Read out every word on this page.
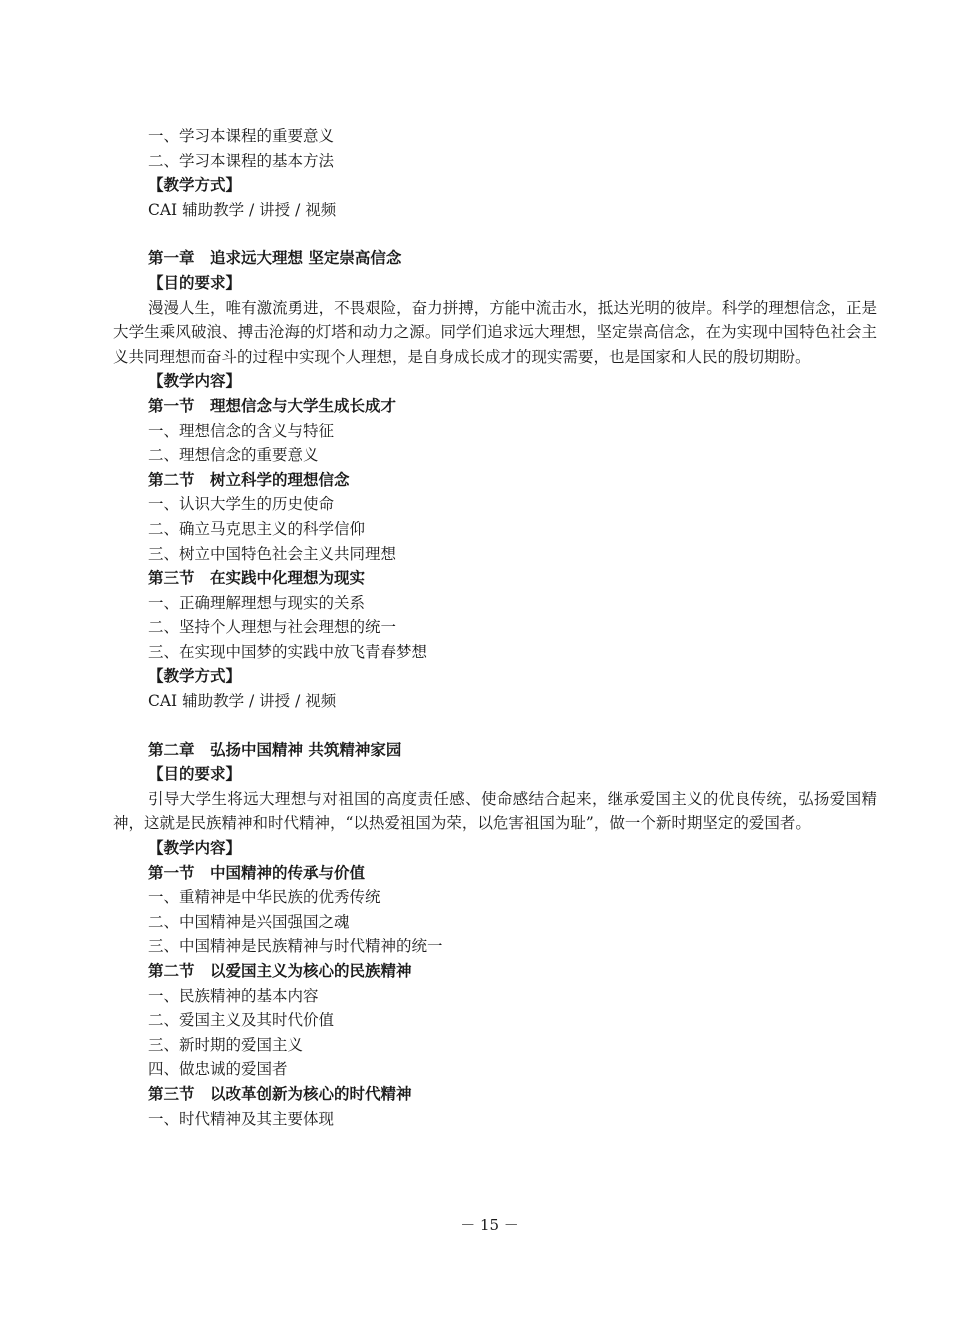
一、学习本课程的重要意义
二、学习本课程的基本方法
【教学方式】
CAI 辅助教学 / 讲授 / 视频
第一章　追求远大理想 坚定崇高信念
【目的要求】
漫漫人生，唯有激流勇进，不畏艰险，奋力拼搏，方能中流击水，抵达光明的彼岸。科学的理想信念，正是大学生乘风破浪、搏击沧海的灯塔和动力之源。同学们追求远大理想，坚定崇高信念，在为实现中国特色社会主义共同理想而奋斗的过程中实现个人理想，是自身成长成才的现实需要，也是国家和人民的殷切期盼。
【教学内容】
第一节　理想信念与大学生成长成才
一、理想信念的含义与特征
二、理想信念的重要意义
第二节　树立科学的理想信念
一、认识大学生的历史使命
二、确立马克思主义的科学信仰
三、树立中国特色社会主义共同理想
第三节　在实践中化理想为现实
一、正确理解理想与现实的关系
二、坚持个人理想与社会理想的统一
三、在实现中国梦的实践中放飞青春梦想
【教学方式】
CAI 辅助教学 / 讲授 / 视频
第二章　弘扬中国精神 共筑精神家园
【目的要求】
引导大学生将远大理想与对祖国的高度责任感、使命感结合起来，继承爱国主义的优良传统，弘扬爱国精神，这就是民族精神和时代精神，“以热爱祖国为荣，以危害祖国为耻”，做一个新时期坚定的爱国者。
【教学内容】
第一节　中国精神的传承与价值
一、重精神是中华民族的优秀传统
二、中国精神是兴国强国之魂
三、中国精神是民族精神与时代精神的统一
第二节　以爱国主义为核心的民族精神
一、民族精神的基本内容
二、爱国主义及其时代价值
三、新时期的爱国主义
四、做忠诚的爱国者
第三节　以改革创新为核心的时代精神
一、时代精神及其主要体现
－ 15 －
